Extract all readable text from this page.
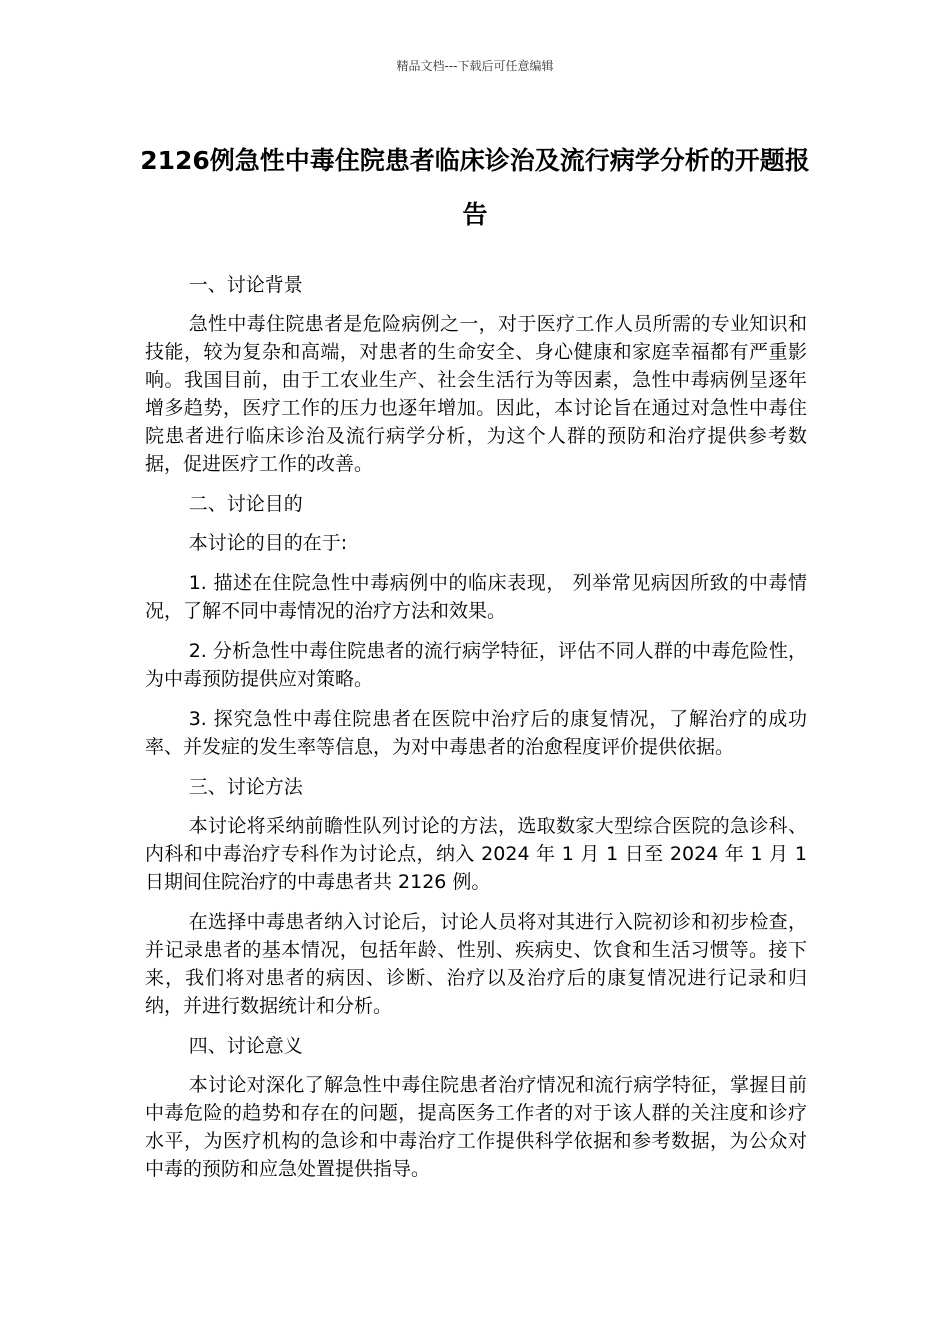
精品文档---下载后可任意编辑
2126例急性中毒住院患者临床诊治及流行病学分析的开题报告

一、讨论背景

急性中毒住院患者是危险病例之一，对于医疗工作人员所需的专业知识和技能，较为复杂和高端，对患者的生命安全、身心健康和家庭幸福都有严重影响。我国目前，由于工农业生产、社会生活行为等因素，急性中毒病例呈逐年增多趋势，医疗工作的压力也逐年增加。因此，本讨论旨在通过对急性中毒住院患者进行临床诊治及流行病学分析，为这个人群的预防和治疗提供参考数据，促进医疗工作的改善。

二、讨论目的

本讨论的目的在于:

1. 描述在住院急性中毒病例中的临床表现， 列举常见病因所致的中毒情况，了解不同中毒情况的治疗方法和效果。

2. 分析急性中毒住院患者的流行病学特征，评估不同人群的中毒危险性，为中毒预防提供应对策略。

3. 探究急性中毒住院患者在医院中治疗后的康复情况，了解治疗的成功率、并发症的发生率等信息，为对中毒患者的治愈程度评价提供依据。

三、讨论方法

本讨论将采纳前瞻性队列讨论的方法，选取数家大型综合医院的急诊科、内科和中毒治疗专科作为讨论点，纳入 2024 年 1 月 1 日至 2024 年 1 月 1 日期间住院治疗的中毒患者共 2126 例。

在选择中毒患者纳入讨论后，讨论人员将对其进行入院初诊和初步检查，并记录患者的基本情况，包括年龄、性别、疾病史、饮食和生活习惯等。接下来，我们将对患者的病因、诊断、治疗以及治疗后的康复情况进行记录和归纳，并进行数据统计和分析。

四、讨论意义

本讨论对深化了解急性中毒住院患者治疗情况和流行病学特征，掌握目前中毒危险的趋势和存在的问题，提高医务工作者的对于该人群的关注度和诊疗水平，为医疗机构的急诊和中毒治疗工作提供科学依据和参考数据，为公众对中毒的预防和应急处置提供指导。
